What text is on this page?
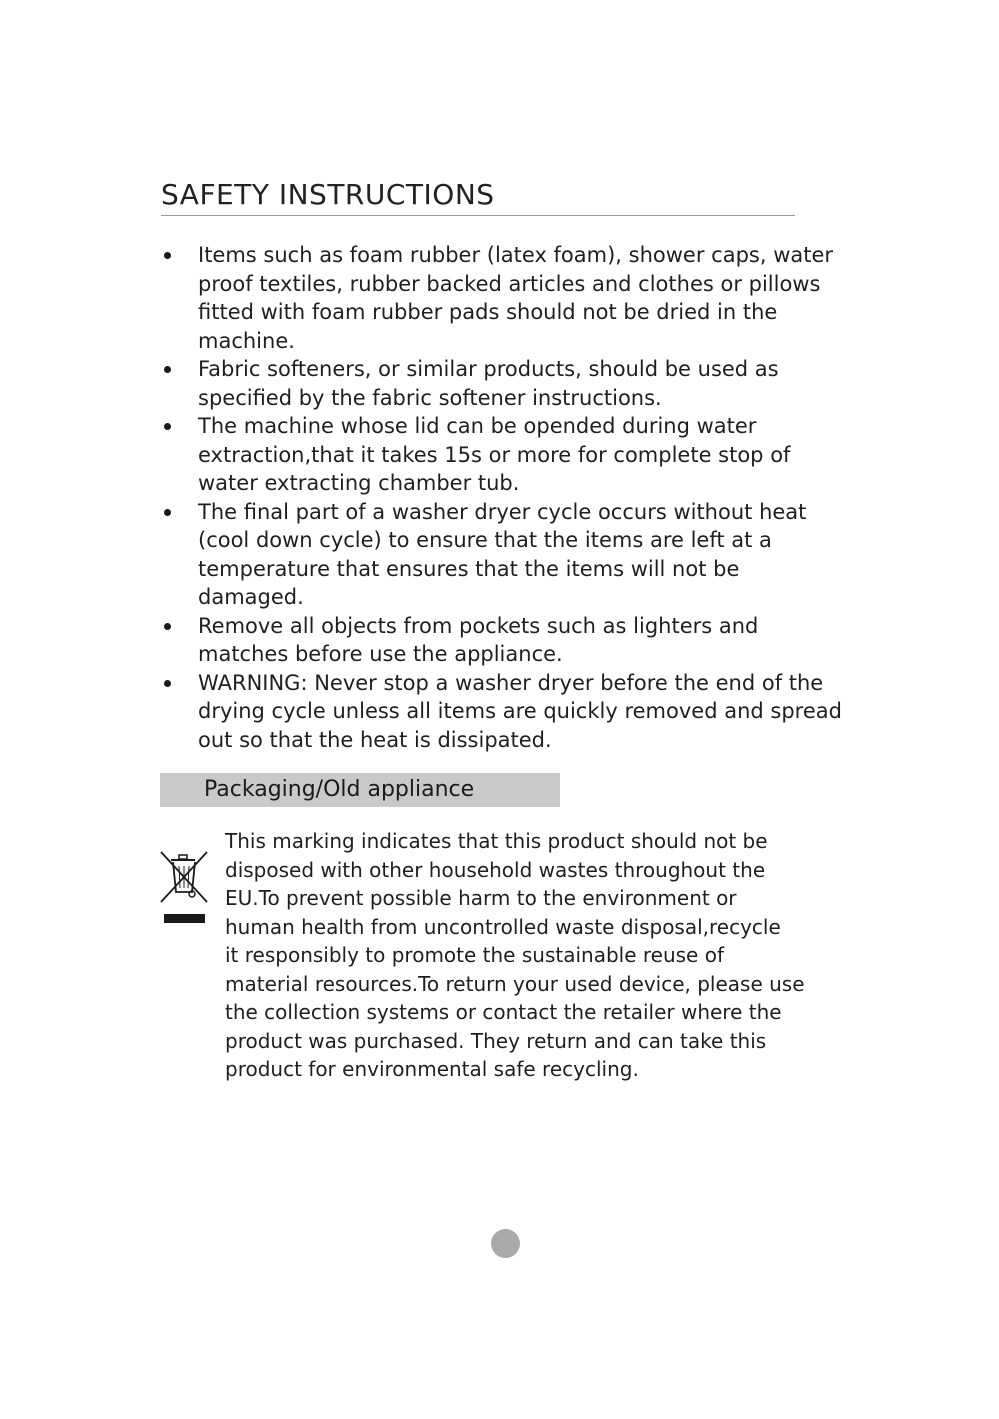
SAFETY INSTRUCTIONS
Items such as foam rubber (latex foam), shower caps, water proof textiles, rubber backed articles and clothes or pillows fitted with foam rubber pads should not be dried in the machine.
Fabric softeners, or similar products, should be used as specified by the fabric softener instructions.
The machine whose lid can be opended during water extraction,that it takes 15s or more for complete stop of water extracting chamber tub.
The final part of a washer dryer cycle occurs without heat (cool down cycle) to ensure that the items are left at a temperature that ensures that the items will not be damaged.
Remove all objects from pockets such as lighters and matches before use the appliance.
WARNING: Never stop a washer dryer before the end of the drying cycle unless all items are quickly removed and spread out so that the heat is dissipated.
Packaging/Old appliance
This marking indicates that this product should not be
disposed with other household wastes throughout the
EU.To prevent possible harm to the environment or
human health from uncontrolled waste disposal,recycle
it responsibly to promote the sustainable reuse of
material resources.To return your used device, please use
the collection systems or contact the retailer where the
product was purchased. They return and can take this
product for environmental safe recycling.
